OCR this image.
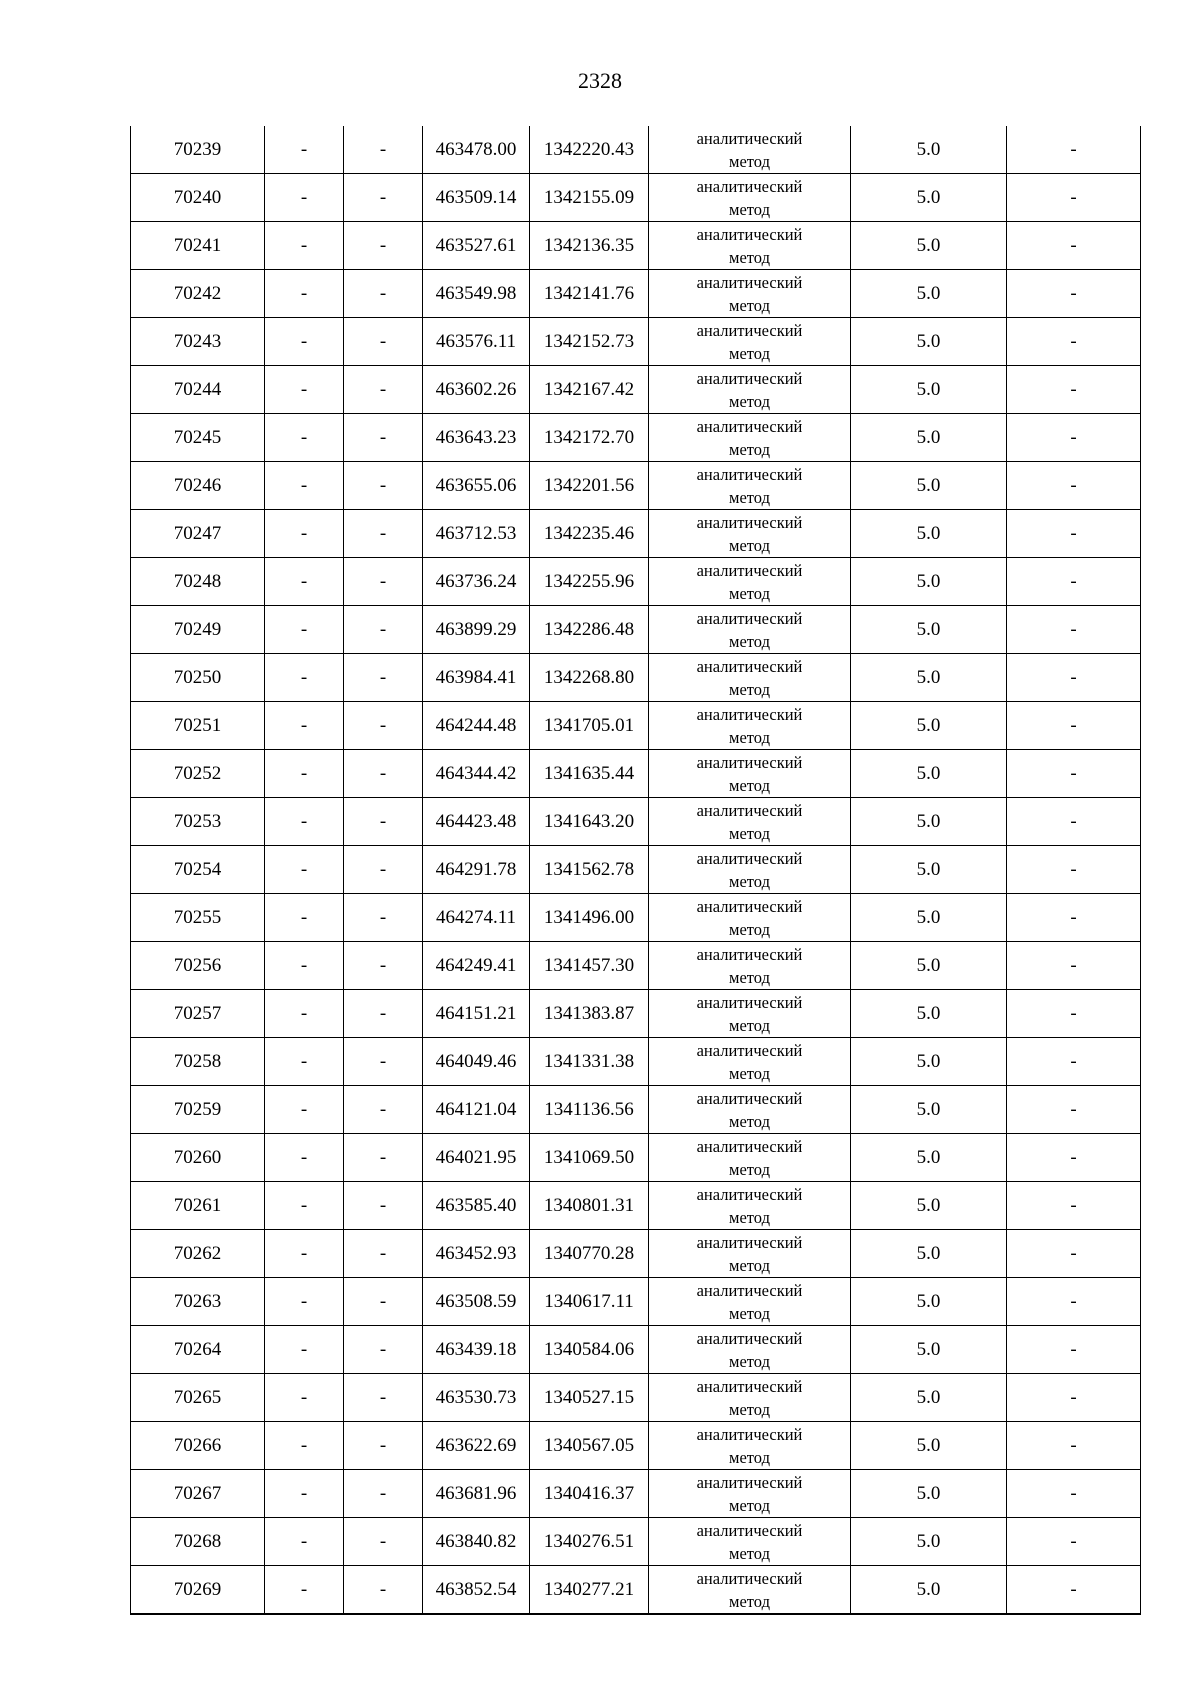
2328
70239	-	-	463478.00	1342220.43	аналитический
метод	5.0	-
70240	-	-	463509.14	1342155.09	аналитический
метод	5.0	-
70241	-	-	463527.61	1342136.35	аналитический
метод	5.0	-
70242	-	-	463549.98	1342141.76	аналитический
метод	5.0	-
70243	-	-	463576.11	1342152.73	аналитический
метод	5.0	-
70244	-	-	463602.26	1342167.42	аналитический
метод	5.0	-
70245	-	-	463643.23	1342172.70	аналитический
метод	5.0	-
70246	-	-	463655.06	1342201.56	аналитический
метод	5.0	-
70247	-	-	463712.53	1342235.46	аналитический
метод	5.0	-
70248	-	-	463736.24	1342255.96	аналитический
метод	5.0	-
70249	-	-	463899.29	1342286.48	аналитический
метод	5.0	-
70250	-	-	463984.41	1342268.80	аналитический
метод	5.0	-
70251	-	-	464244.48	1341705.01	аналитический
метод	5.0	-
70252	-	-	464344.42	1341635.44	аналитический
метод	5.0	-
70253	-	-	464423.48	1341643.20	аналитический
метод	5.0	-
70254	-	-	464291.78	1341562.78	аналитический
метод	5.0	-
70255	-	-	464274.11	1341496.00	аналитический
метод	5.0	-
70256	-	-	464249.41	1341457.30	аналитический
метод	5.0	-
70257	-	-	464151.21	1341383.87	аналитический
метод	5.0	-
70258	-	-	464049.46	1341331.38	аналитический
метод	5.0	-
70259	-	-	464121.04	1341136.56	аналитический
метод	5.0	-
70260	-	-	464021.95	1341069.50	аналитический
метод	5.0	-
70261	-	-	463585.40	1340801.31	аналитический
метод	5.0	-
70262	-	-	463452.93	1340770.28	аналитический
метод	5.0	-
70263	-	-	463508.59	1340617.11	аналитический
метод	5.0	-
70264	-	-	463439.18	1340584.06	аналитический
метод	5.0	-
70265	-	-	463530.73	1340527.15	аналитический
метод	5.0	-
70266	-	-	463622.69	1340567.05	аналитический
метод	5.0	-
70267	-	-	463681.96	1340416.37	аналитический
метод	5.0	-
70268	-	-	463840.82	1340276.51	аналитический
метод	5.0	-
70269	-	-	463852.54	1340277.21	аналитический
метод	5.0	-
